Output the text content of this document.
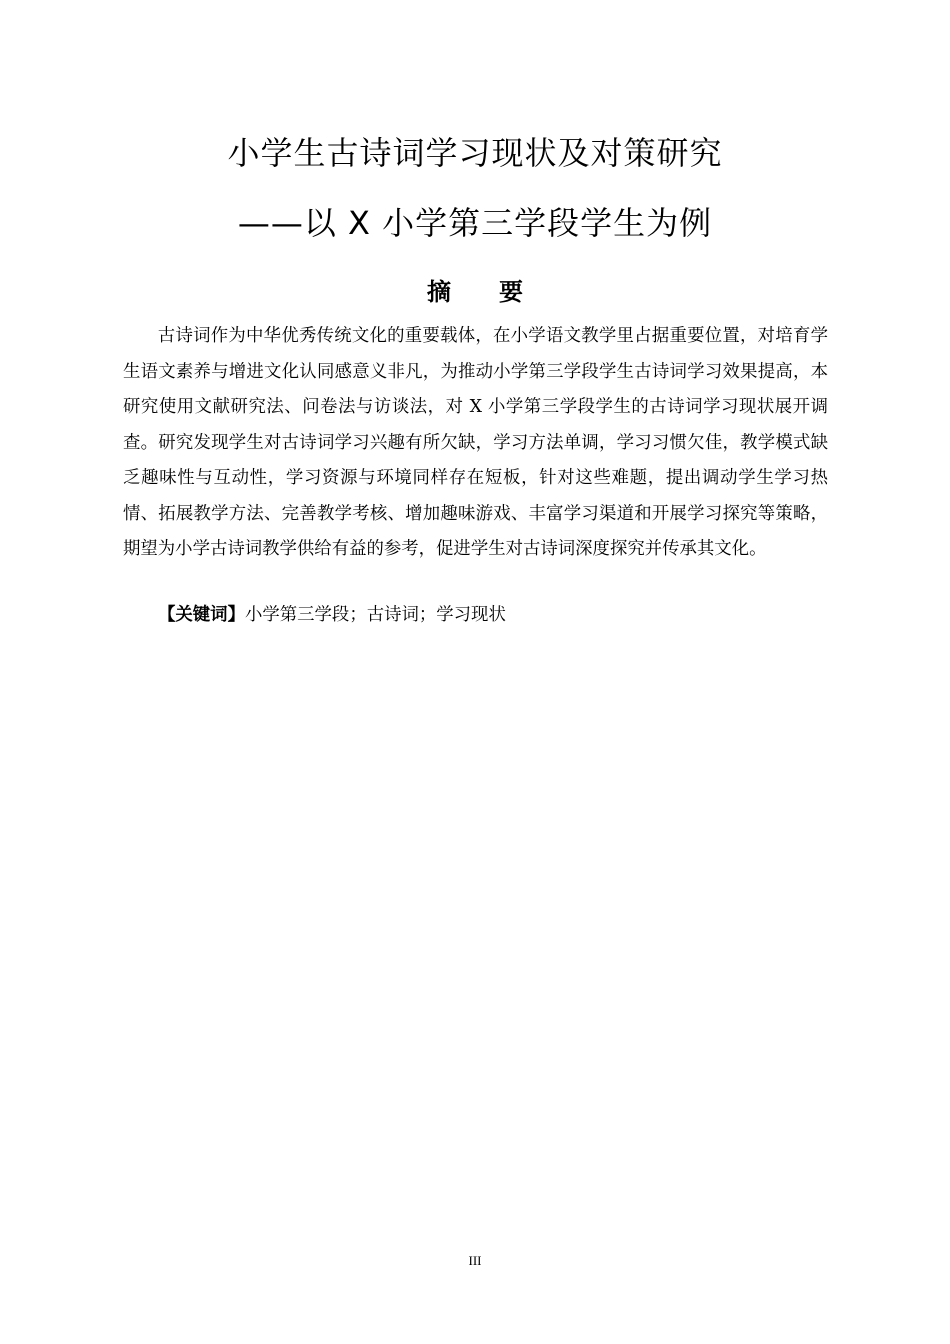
小学生古诗词学习现状及对策研究
——以 X 小学第三学段学生为例
摘　　要

古诗词作为中华优秀传统文化的重要载体，在小学语文教学里占据重要位置，对培育学生语文素养与增进文化认同感意义非凡，为推动小学第三学段学生古诗词学习效果提高，本研究使用文献研究法、问卷法与访谈法，对 X 小学第三学段学生的古诗词学习现状展开调查。研究发现学生对古诗词学习兴趣有所欠缺，学习方法单调，学习习惯欠佳，教学模式缺乏趣味性与互动性，学习资源与环境同样存在短板，针对这些难题，提出调动学生学习热情、拓展教学方法、完善教学考核、增加趣味游戏、丰富学习渠道和开展学习探究等策略，期望为小学古诗词教学供给有益的参考，促进学生对古诗词深度探究并传承其文化。

【关键词】小学第三学段；古诗词；学习现状
III
